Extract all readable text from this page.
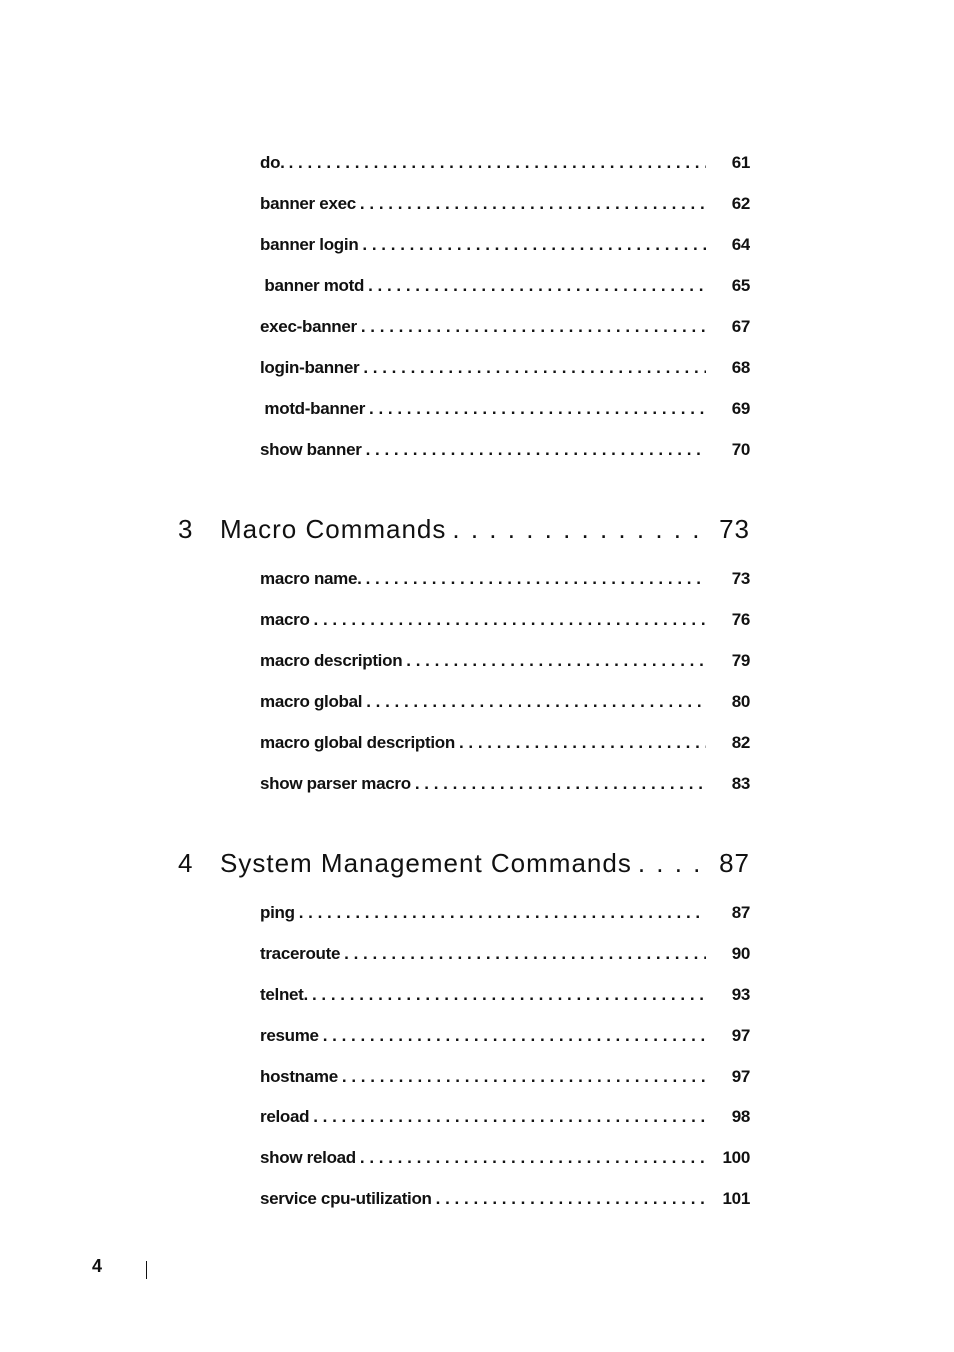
do. . . .	61
banner exec . . .	62
banner login . . .	64
banner motd . . .	65
exec-banner . . .	67
login-banner . . .	68
motd-banner . . .	69
show banner . . .	70
3	Macro Commands . . .	73
macro name. . . .	73
macro . . .	76
macro description . . .	79
macro global . . .	80
macro global description . . .	82
show parser macro . . .	83
4	System Management Commands . . .	87
ping . . .	87
traceroute . . .	90
telnet. . . .	93
resume . . .	97
hostname . . .	97
reload . . .	98
show reload . . .	100
service cpu-utilization . . .	101
4
